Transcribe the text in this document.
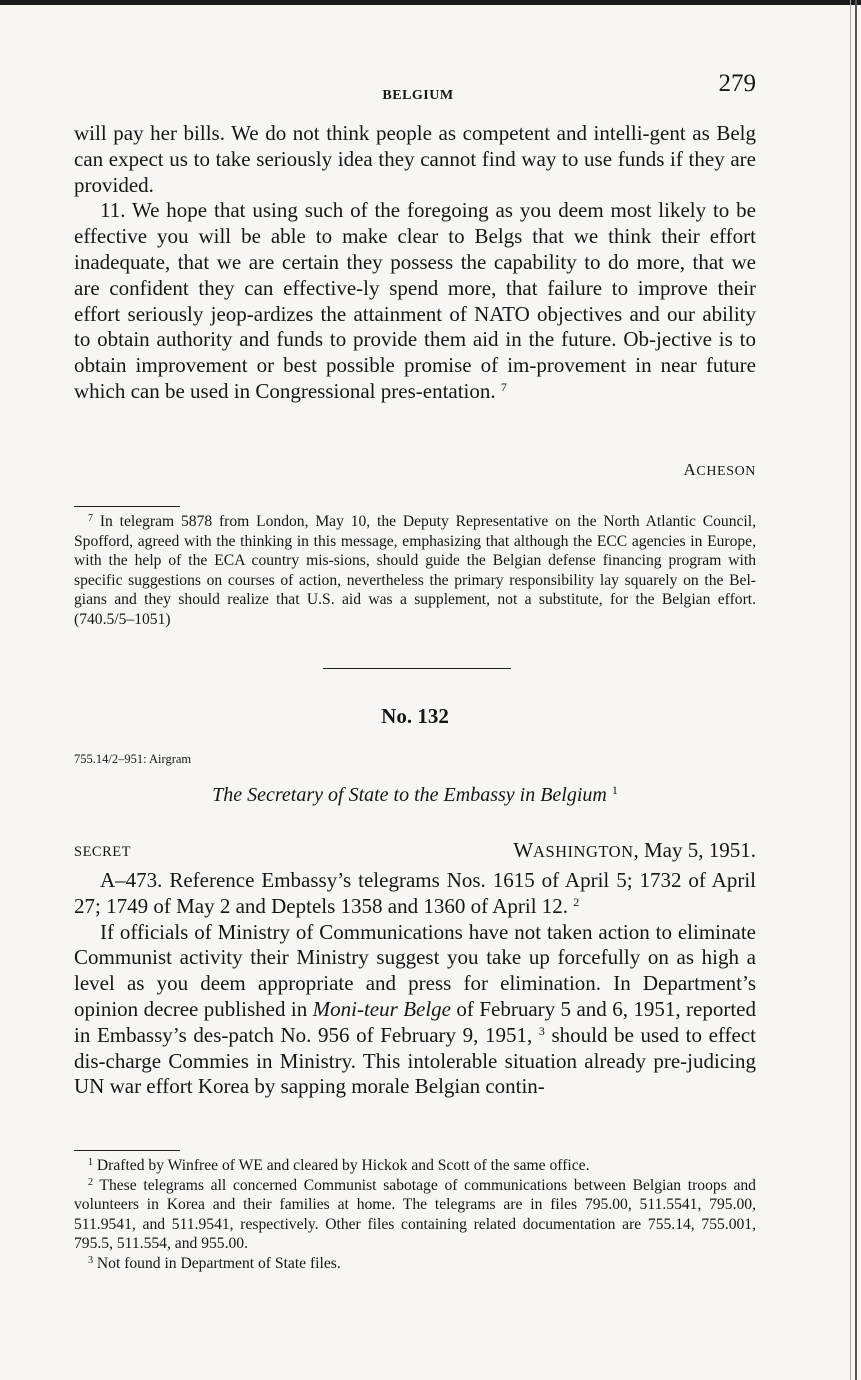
BELGIUM	279

will pay her bills. We do not think people as competent and intelli-gent as Belg can expect us to take seriously idea they cannot find way to use funds if they are provided.

11. We hope that using such of the foregoing as you deem most likely to be effective you will be able to make clear to Belgs that we think their effort inadequate, that we are certain they possess the capability to do more, that we are confident they can effective-ly spend more, that failure to improve their effort seriously jeop-ardizes the attainment of NATO objectives and our ability to obtain authority and funds to provide them aid in the future. Ob-jective is to obtain improvement or best possible promise of im-provement in near future which can be used in Congressional pres-entation. $^7$

ACHESON

$^7$ In telegram 5878 from London, May 10, the Deputy Representative on the North Atlantic Council, Spofford, agreed with the thinking in this message, emphasizing that although the ECC agencies in Europe, with the help of the ECA country mis-sions, should guide the Belgian defense financing program with specific suggestions on courses of action, nevertheless the primary responsibility lay squarely on the Bel-gians and they should realize that U.S. aid was a supplement, not a substitute, for the Belgian effort. (740.5/5–1051)

No. 132
755.14/2–951: Airgram
The Secretary of State to the Embassy in Belgium $^1$
SECRET	WASHINGTON, May 5, 1951.

A–473. Reference Embassy’s telegrams Nos. 1615 of April 5; 1732 of April 27; 1749 of May 2 and Deptels 1358 and 1360 of April 12. $^2$

If officials of Ministry of Communications have not taken action to eliminate Communist activity their Ministry suggest you take up forcefully on as high a level as you deem appropriate and press for elimination. In Department’s opinion decree published in Moni-teur Belge of February 5 and 6, 1951, reported in Embassy’s des-patch No. 956 of February 9, 1951, $^3$ should be used to effect dis-charge Commies in Ministry. This intolerable situation already pre-judicing UN war effort Korea by sapping morale Belgian contin-

$^1$ Drafted by Winfree of WE and cleared by Hickok and Scott of the same office.

$^2$ These telegrams all concerned Communist sabotage of communications between Belgian troops and volunteers in Korea and their families at home. The telegrams are in files 795.00, 511.5541, 795.00, 511.9541, and 511.9541, respectively. Other files containing related documentation are 755.14, 755.001, 795.5, 511.554, and 955.00.

$^3$ Not found in Department of State files.
